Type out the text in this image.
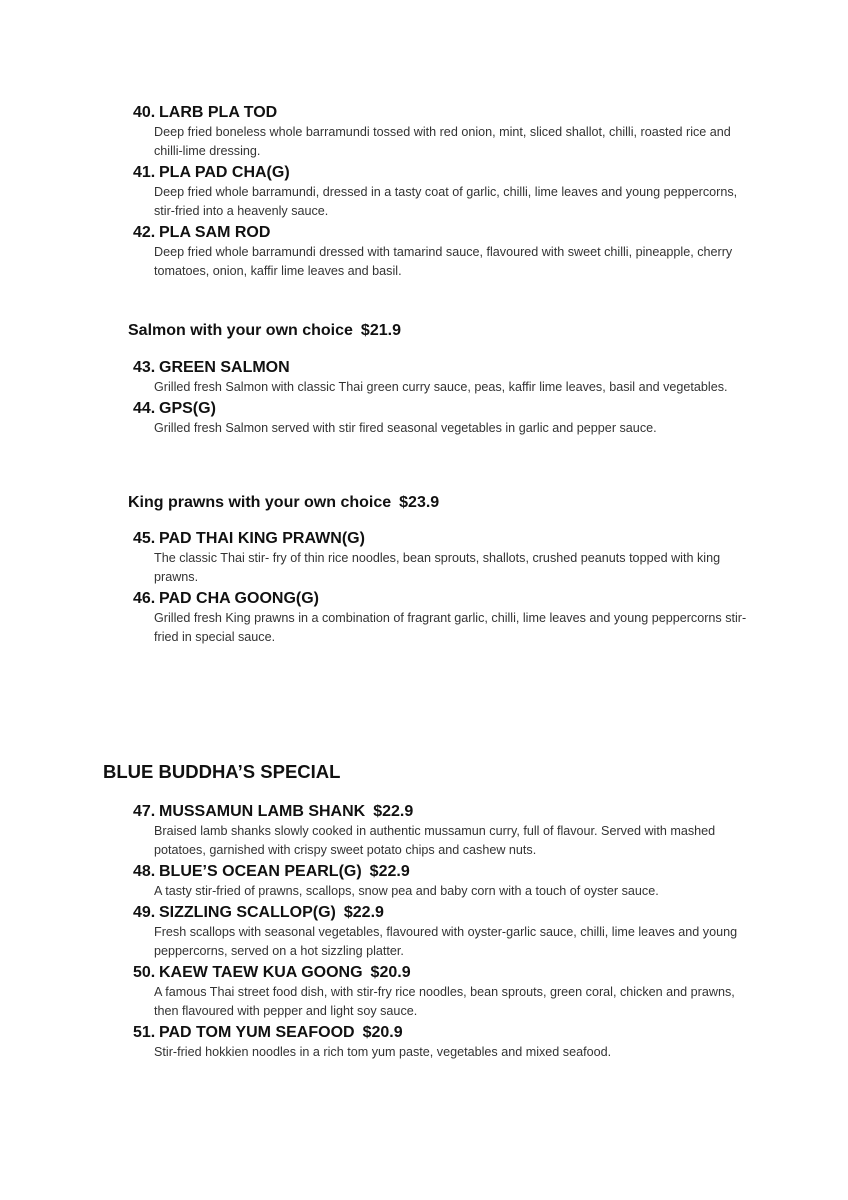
40. LARB PLA TOD
Deep fried boneless whole barramundi tossed with red onion, mint, sliced shallot, chilli, roasted rice and chilli-lime dressing.
41. PLA PAD CHA(G)
Deep fried whole barramundi, dressed in a tasty coat of garlic, chilli, lime leaves and young peppercorns, stir-fried into a heavenly sauce.
42. PLA SAM ROD
Deep fried whole barramundi dressed with tamarind sauce, flavoured with sweet chilli, pineapple, cherry tomatoes, onion, kaffir lime leaves and basil.
Salmon with your own choice $21.9
43. GREEN SALMON
Grilled fresh Salmon with classic Thai green curry sauce, peas, kaffir lime leaves, basil and vegetables.
44. GPS(G)
Grilled fresh Salmon served with stir fired seasonal vegetables in garlic and pepper sauce.
King prawns with your own choice $23.9
45. PAD THAI KING PRAWN(G)
The classic Thai stir- fry of thin rice noodles, bean sprouts, shallots, crushed peanuts topped with king prawns.
46. PAD CHA GOONG(G)
Grilled fresh King prawns in a combination of fragrant garlic, chilli, lime leaves and young peppercorns stir-fried in special sauce.
BLUE BUDDHA’S SPECIAL
47. MUSSAMUN LAMB SHANK $22.9
Braised lamb shanks slowly cooked in authentic mussamun curry, full of flavour. Served with mashed potatoes, garnished with crispy sweet potato chips and cashew nuts.
48. BLUE’S OCEAN PEARL(G) $22.9
A tasty stir-fried of prawns, scallops, snow pea and baby corn with a touch of oyster sauce.
49. SIZZLING SCALLOP(G) $22.9
Fresh scallops with seasonal vegetables, flavoured with oyster-garlic sauce, chilli, lime leaves and young peppercorns, served on a hot sizzling platter.
50. KAEW TAEW KUA GOONG $20.9
A famous Thai street food dish, with stir-fry rice noodles, bean sprouts, green coral, chicken and prawns, then flavoured with pepper and light soy sauce.
51. PAD TOM YUM SEAFOOD $20.9
Stir-fried hokkien noodles in a rich tom yum paste, vegetables and mixed seafood.
